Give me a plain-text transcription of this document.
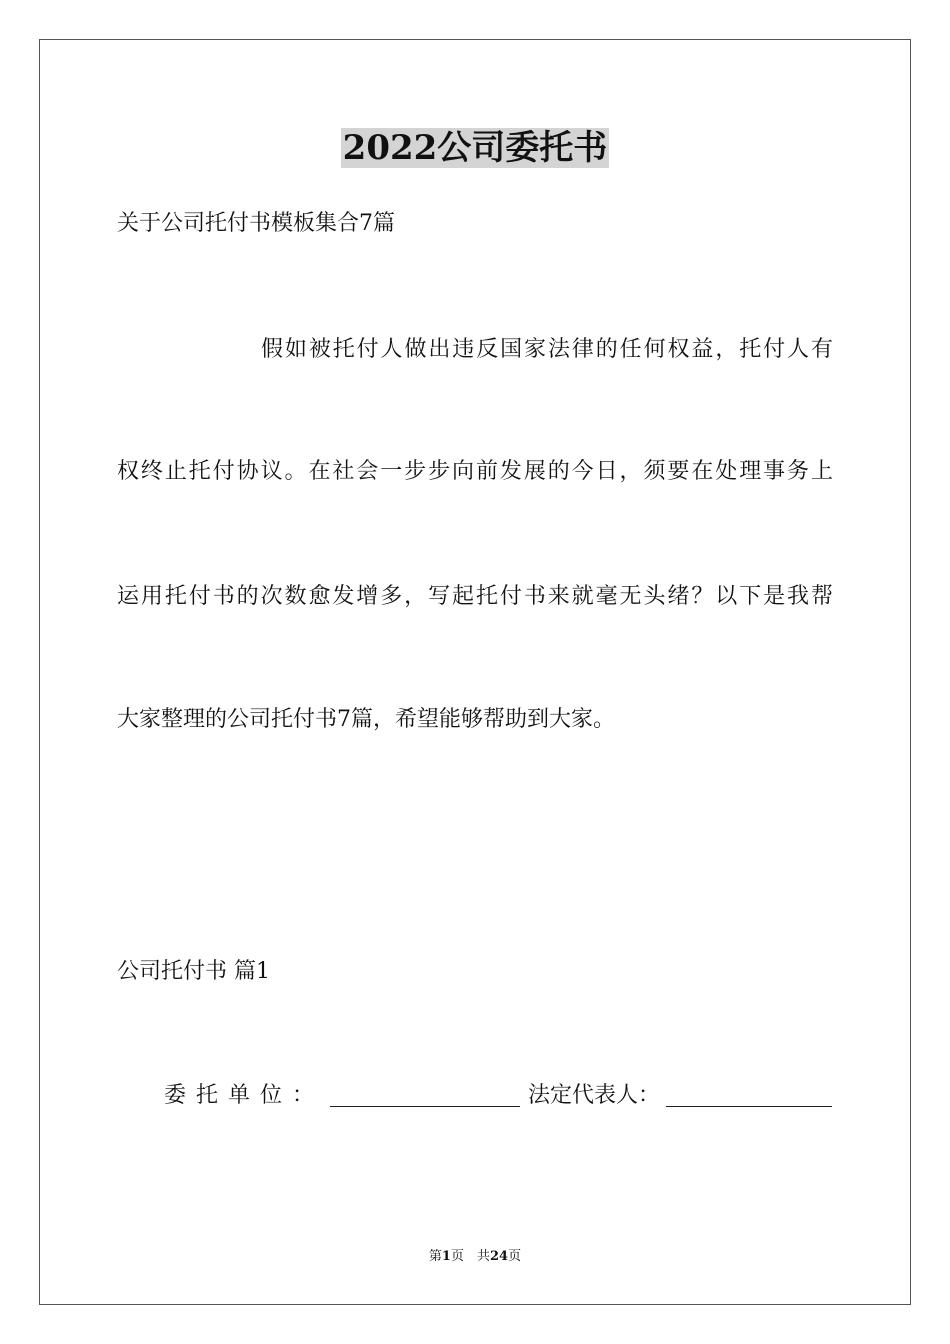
2022公司委托书
关于公司托付书模板集合7篇
假如被托付人做出违反国家法律的任何权益，托付人有
权终止托付协议。在社会一步步向前发展的今日，须要在处理事务上
运用托付书的次数愈发增多，写起托付书来就毫无头绪？以下是我帮
大家整理的公司托付书7篇，希望能够帮助到大家。
公司托付书 篇1
委托单位：	法定代表人：
第1页　共24页
